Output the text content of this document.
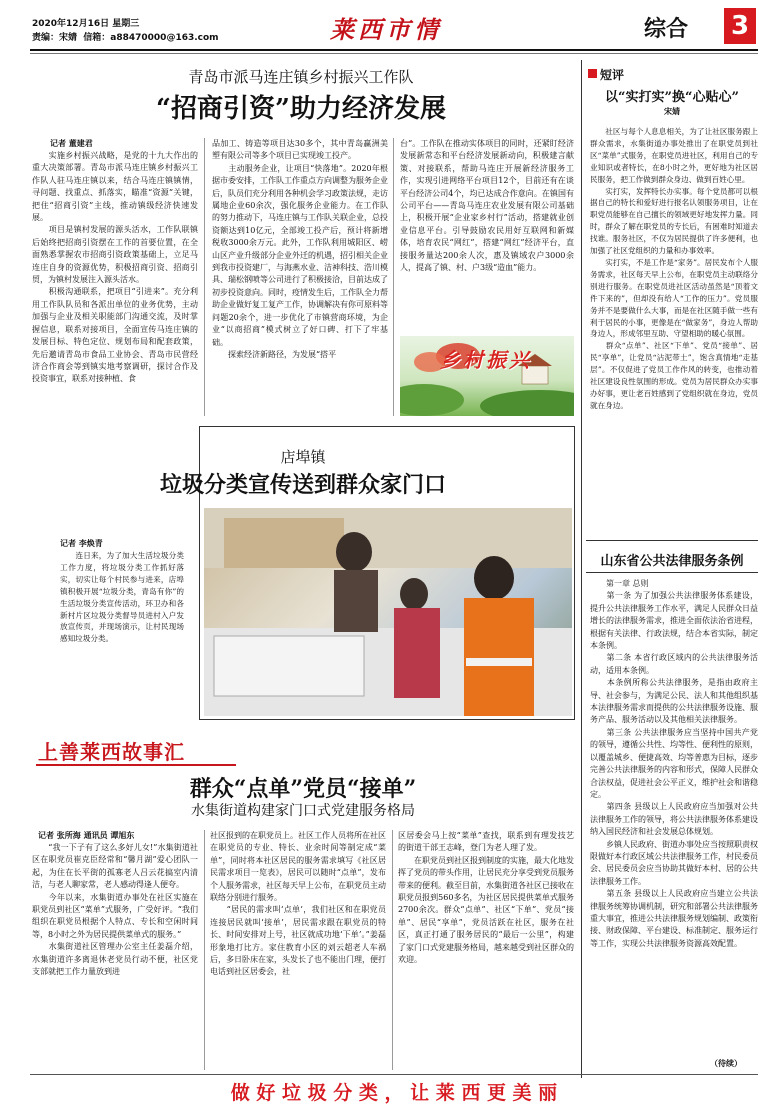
2020年12月16日 星期三
责编：宋婧  信箱：a88470000@163.com	莱西市情	综合 3
青岛市派马连庄镇乡村振兴工作队
“招商引资”助力经济发展
记者 董建君
　　实施乡村振兴战略，是党的十九大作出的重大决策部署。青岛市派马连庄镇乡村振兴工作队人驻马连庄镇以来，结合马连庄镇镇情，寻问题、找重点、抓落实，瞄准“资源”关键，把住“招商引资”主线，推动镇级经济快速发展。
　　项目是镇村发展的源头活水，工作队联镇后始终把招商引资摆在工作的首要位置，在全面熟悉掌握农市招商引资政策基础上，立足马连庄自身的资源优势，积极招商引资、招商引贸，为镇村发展注入源头活水。
　　积极沟通联系，把项目“引进来”。充分利用工作队队员和各派出单位的业务优势，主动加强与企业及相关职能部门沟通交流，及时掌握信息，联系对接项目，全面宣传马连庄镇的发展目标、特色定位、规划布局和配套政策，先后邀请青岛市食品工业协会、青岛市民营经济合作商会等到镇实地考察调研，探讨合作及投资事宜，联系对接种植、食
品加工、铸造等项目达30多个，其中青岛赢洲美塑有限公司等多个项目已实现竣工投产。
　　主动服务企业，让项目“快落地”。2020年根据市委安排，工作队工作重点方向调整为服务企业后，队员们充分利用各种机会学习政策法规，走访属地企业60余次，强化服务企业能力。在工作队的努力推动下，马连庄镇与工作队关联企业，总投资额达到10亿元，全部竣工投产后，预计将新增税收3000余万元。此外，工作队利用城阳区、崂山区产业升级部分企业外迁的机遇，招引相关企业到我市投资建厂，与海燕水业、洁神科技、浩川模具、瑞松钢喷等公司进行了积极接洽，目前达成了初步投资意向。同时，疫情发生后，工作队全力帮助企业做好复工复产工作，协调解决有你可原料等问题20余个，进一步优化了市镇营商环境，为企业“以商招商”模式树立了好口碑、打下了牢基础。
　　探索经济新路径，为发展“搭平
台”。工作队在推动实体项目的同时，还紧盯经济发展新常态和平台经济发展新动向，积极建言献策、对接联系，帮助马连庄开展新经济服务工作，实现引进网络平台项目12个，目前还有在谈平台经济公司4个，均已达成合作意向。在镇国有公司平台——青岛马连庄农业发展有限公司基础上，积极开展“企业家乡村行”活动，搭建就业创业信息平台。引导鼓励农民用好互联网和新媒体，培育农民“网红”，搭建“网红”经济平台，直接服务量达200余人次，惠及镇域农户3000余人，提高了镇、村、户3级“造血”能力。
乡村振兴
店埠镇
垃圾分类宣传送到群众家门口
记者 李焕青
　　连日来，为了加大生活垃圾分类工作力度，将垃圾分类工作抓好落实，切实让每个村民参与进来，店埠镇积极开展“垃圾分类，青岛有你”的生活垃圾分类宣传活动，环卫办和各新村片区垃圾分类督导员进村入户发放宣传页，并现场演示，让村民现场感知垃圾分类。
上善莱西故事汇
群众“点单”党员“接单”
水集街道构建家门口式党建服务格局
记者 张所海 通讯员 谭旭东
　　“我一下子有了这么多好儿女!”水集街道社区在职党员崔克臣经常和“馨月湖”爱心团队一起，为住在长平街的孤寡老人吕云花搞室内清洁，与老人聊家常，老人感动得逢人便夸。
　　今年以来，水集街道办事处在社区实施在职党员到社区“菜单”式服务，广受好评。“我们组织在职党员根据个人特点、专长和空闲时间等，8小时之外为居民提供菜单式的服务。”
　　水集街道社区管理办公室主任姜磊介绍，水集街道许多离退休老党员行动不便，社区党支部就把工作力量放到进
社区报到的在职党员上。社区工作人员将所在社区在职党员的专业、特长、业余时间等制定成“菜单”，同时将本社区居民的服务需求填写《社区居民需求项目一览表》，居民可以随时“点单”，发布个人服务需求，社区每天早上公布，在职党员主动联络分别进行服务。
　　“居民的需求叫‘点单’，我们社区和在职党员连接居民就叫‘接单’，居民需求跟在职党员的特长、时间安排对上号，社区就成功地‘下单’。”姜磊形象地打比方。家住教育小区的刘云超老人车祸后，多日卧床在家，头发长了也不能出门理，便打电话到社区居委会，社
区居委会马上按“菜单”查找，联系到有理发技艺的街道干部王志峰，登门为老人理了发。
　　在职党员到社区报到制度的实施，最大化地发挥了党员的带头作用，让居民充分享受到党员服务带来的便利。截至目前，水集街道各社区已接收在职党员报到560多名，为社区居民提供菜单式服务2700余次。群众“点单”、社区“下单”、党员“接单”、居民“享单”，党员活跃在社区，服务在社区，真正打通了服务居民的“最后一公里”，构建了家门口式党建服务格局，越来越受到社区群众的欢迎。
短评
以“实打实”换“心贴心”
宋婧
　　社区与每个人息息相关，为了让社区服务跟上群众需求，水集街道办事处推出了在职党员到社区“菜单”式服务，在职党员进社区，利用自己的专业知识或者特长，在8小时之外，更好地为社区居民服务，把工作做到群众身边、做到百姓心里。
　　实打实，发挥特长办实事。每个党员都可以根据自己的特长和爱好进行报名认领服务项目，让在职党员能够在自己擅长的领域更好地发挥力量。同时，群众了解在职党员的专长后，有困难时知道去找谁。服务社区，不仅为居民提供了许多便利，也加强了社区党组织的力量和办事效率。
　　实打实，不是工作是“家务”。居民发布个人服务需求，社区每天早上公布，在职党员主动联络分别进行服务。在职党员进社区活动虽然是“顶着文件下来的”，但却没有给人“工作的压力”。党员服务并不是要做什么大事，而是在社区随手做一些有利于居民的小事，更像是在“做家务”，身边人帮助身边人，形成邻里互助、守望相助的暖心氛围。
　　群众“点单”、社区“下单”、党员“接单”、居民“享单”，让党员“沾泥带土”，饱含真情地“走基层”。不仅促进了党员工作作风的转变，也推动着社区建设良性氛围的形成。党员为居民群众办实事办好事，更让老百姓感到了党组织就在身边，党员就在身边。
山东省公共法律服务条例
　　第一章 总则
　　第一条 为了加强公共法律服务体系建设，提升公共法律服务工作水平，满足人民群众日益增长的法律服务需求，推进全面依法治省进程，根据有关法律、行政法规，结合本省实际，制定本条例。
　　第二条 本省行政区域内的公共法律服务活动，适用本条例。
　　本条例所称公共法律服务，是指由政府主导、社会参与，为满足公民、法人和其他组织基本法律服务需求而提供的公共法律服务设施、服务产品、服务活动以及其他相关法律服务。
　　第三条 公共法律服务应当坚持中国共产党的领导，遵循公共性、均等性、便利性的原则，以覆盖城乡、便捷高效、均等普惠为目标，逐步完善公共法律服务的内容和形式，保障人民群众合法权益，促进社会公平正义，维护社会和谐稳定。
　　第四条 县级以上人民政府应当加强对公共法律服务工作的领导，将公共法律服务体系建设纳入国民经济和社会发展总体规划。
　　乡镇人民政府、街道办事处应当按照职责权限做好本行政区域公共法律服务工作，村民委员会、居民委员会应当协助其做好本村、居的公共法律服务工作。
　　第五条 县级以上人民政府应当建立公共法律服务统筹协调机制，研究和部署公共法律服务重大事宜，推进公共法律服务规划编制、政策衔接、财政保障、平台建设、标准制定、服务运行等工作，实现公共法律服务资源高效配置。
（待续）
做 好 垃 圾 分 类 ， 让 莱 西 更 美 丽
